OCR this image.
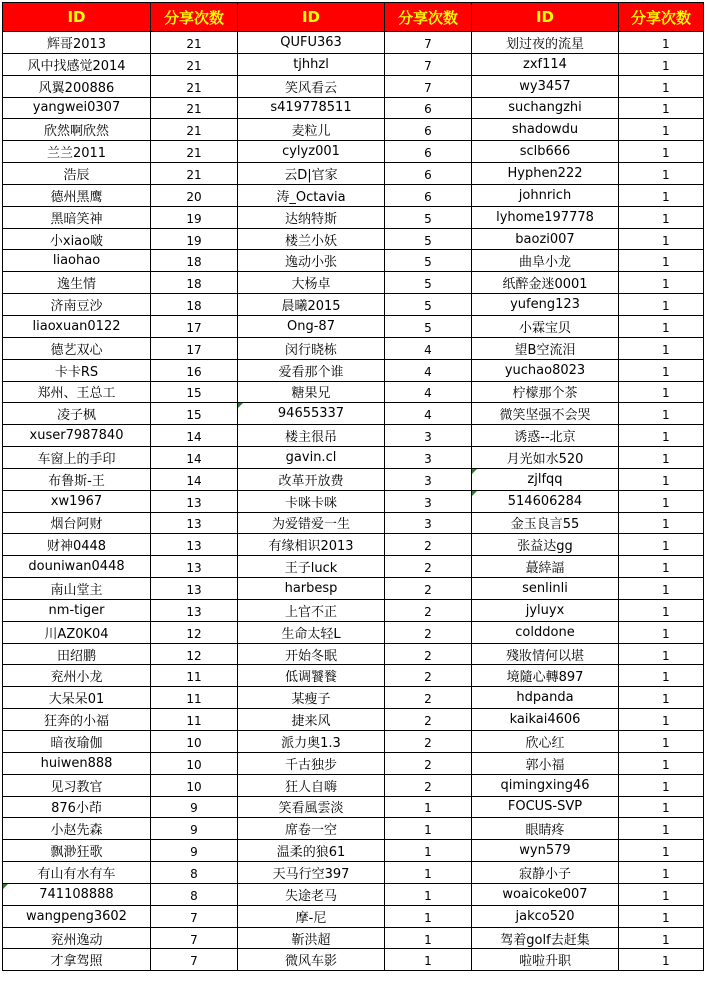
ID	分享次数	ID	分享次数	ID	分享次数
辉哥2013	21	QUFU363	7	划过夜的流星	1
风中找感觉2014	21	tjhhzl	7	zxf114	1
风翼200886	21	笑风看云	7	wy3457	1
yangwei0307	21	s419778511	6	suchangzhi	1
欣然啊欣然	21	麦粒儿	6	shadowdu	1
兰兰2011	21	cylyz001	6	sclb666	1
浩辰	21	云D|官家	6	Hyphen222	1
德州黑鹰	20	涛_Octavia	6	johnrich	1
黑暗笑神	19	达纳特斯	5	lyhome197778	1
小xiao啵	19	楼兰小妖	5	baozi007	1
liaohao	18	逸动小张	5	曲阜小龙	1
逸生情	18	大杨卓	5	纸醉金迷0001	1
济南豆沙	18	晨曦2015	5	yufeng123	1
liaoxuan0122	17	Ong-87	5	小霖宝贝	1
德艺双心	17	闵行晓栋	4	望B空流泪	1
卡卡RS	16	爱看那个谁	4	yuchao8023	1
郑州、王总工	15	糖果兄	4	柠檬那个茶	1
凌子枫	15	94655337	4	微笑坚强不会哭	1
xuser7987840	14	楼主很吊	3	诱惑--北京	1
车窗上的手印	14	gavin.cl	3	月光如水520	1
布鲁斯-王	14	改革开放费	3	zjlfqq	1
xw1967	13	卡咪卡咪	3	514606284	1
烟台阿财	13	为爱错爱一生	3	金玉良言55	1
财神0448	13	有缘相识2013	2	张益达gg	1
douniwan0448	13	王子luck	2	蕞緈諨	1
南山堂主	13	harbesp	2	senlinli	1
nm-tiger	13	上官不正	2	jyluyx	1
川AZ0K04	12	生命太轻L	2	colddone	1
田绍鹏	12	开始冬眠	2	殘妝情何以堪	1
兖州小龙	11	低调饕餮	2	境隨心轉897	1
大呆呆01	11	某瘦子	2	hdpanda	1
狂奔的小福	11	捷来风	2	kaikai4606	1
暗夜瑜伽	10	派力奥1.3	2	欣心红	1
huiwen888	10	千古独步	2	郭小福	1
见习教官	10	狂人自嗨	2	qimingxing46	1
876小茚	9	笑看風雲淡	1	FOCUS-SVP	1
小赵先森	9	席卷一空	1	眼睛疼	1
飘渺狂歌	9	温柔的狼61	1	wyn579	1
有山有水有车	8	天马行空397	1	寂静小子	1
741108888	8	失途老马	1	woaicoke007	1
wangpeng3602	7	摩-尼	1	jakco520	1
兖州逸动	7	靳洪超	1	驾着golf去赶集	1
才拿驾照	7	微风车影	1	啦啦升职	1
